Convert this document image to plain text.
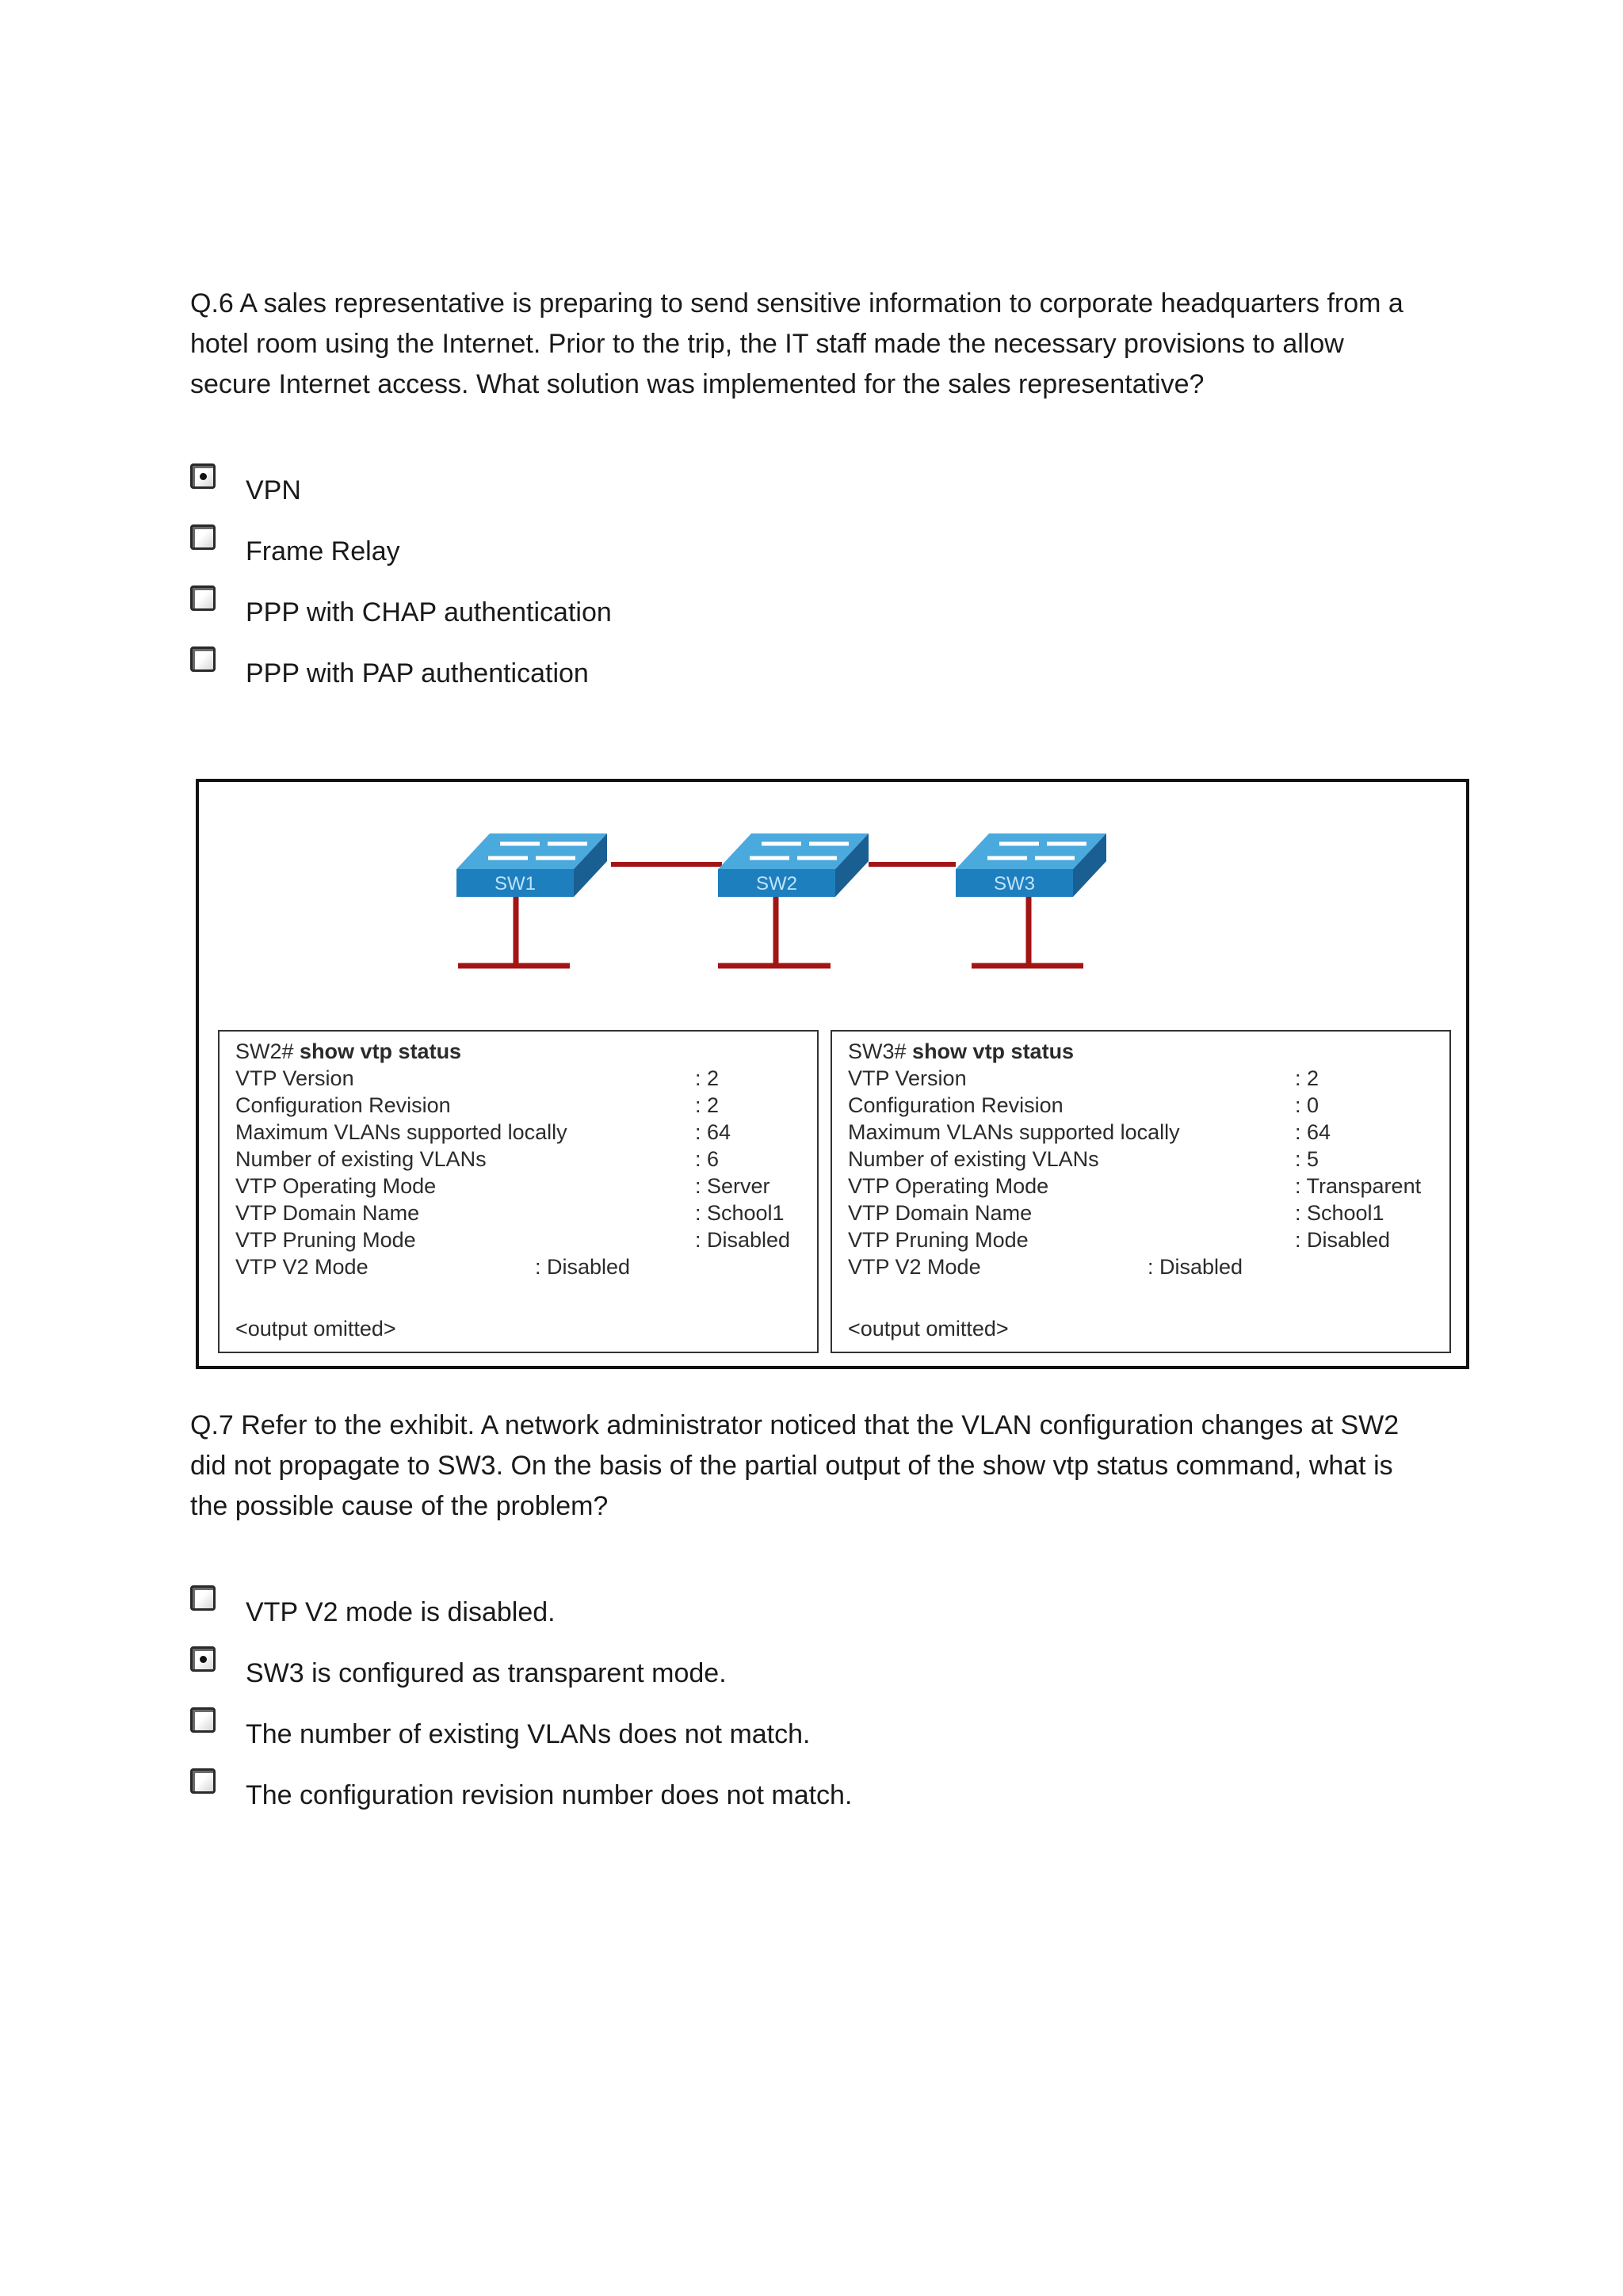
Q.6 A sales representative is preparing to send sensitive information to corporate headquarters from a hotel room using the Internet. Prior to the trip, the IT staff made the necessary provisions to allow secure Internet access. What solution was implemented for the sales representative?
VPN
Frame Relay
PPP with CHAP authentication
PPP with PAP authentication
SW1	SW2	SW3
SW2# show vtp status
VTP Version	: 2
Configuration Revision	: 2
Maximum VLANs supported locally	: 64
Number of existing VLANs	: 6
VTP Operating Mode	: Server
VTP Domain Name	: School1
VTP Pruning Mode	: Disabled
VTP V2 Mode	: Disabled
<output omitted>
SW3# show vtp status
VTP Version	: 2
Configuration Revision	: 0
Maximum VLANs supported locally	: 64
Number of existing VLANs	: 5
VTP Operating Mode	: Transparent
VTP Domain Name	: School1
VTP Pruning Mode	: Disabled
VTP V2 Mode	: Disabled
<output omitted>
Q.7 Refer to the exhibit. A network administrator noticed that the VLAN configuration changes at SW2 did not propagate to SW3. On the basis of the partial output of the show vtp status command, what is the possible cause of the problem?
VTP V2 mode is disabled.
SW3 is configured as transparent mode.
The number of existing VLANs does not match.
The configuration revision number does not match.
